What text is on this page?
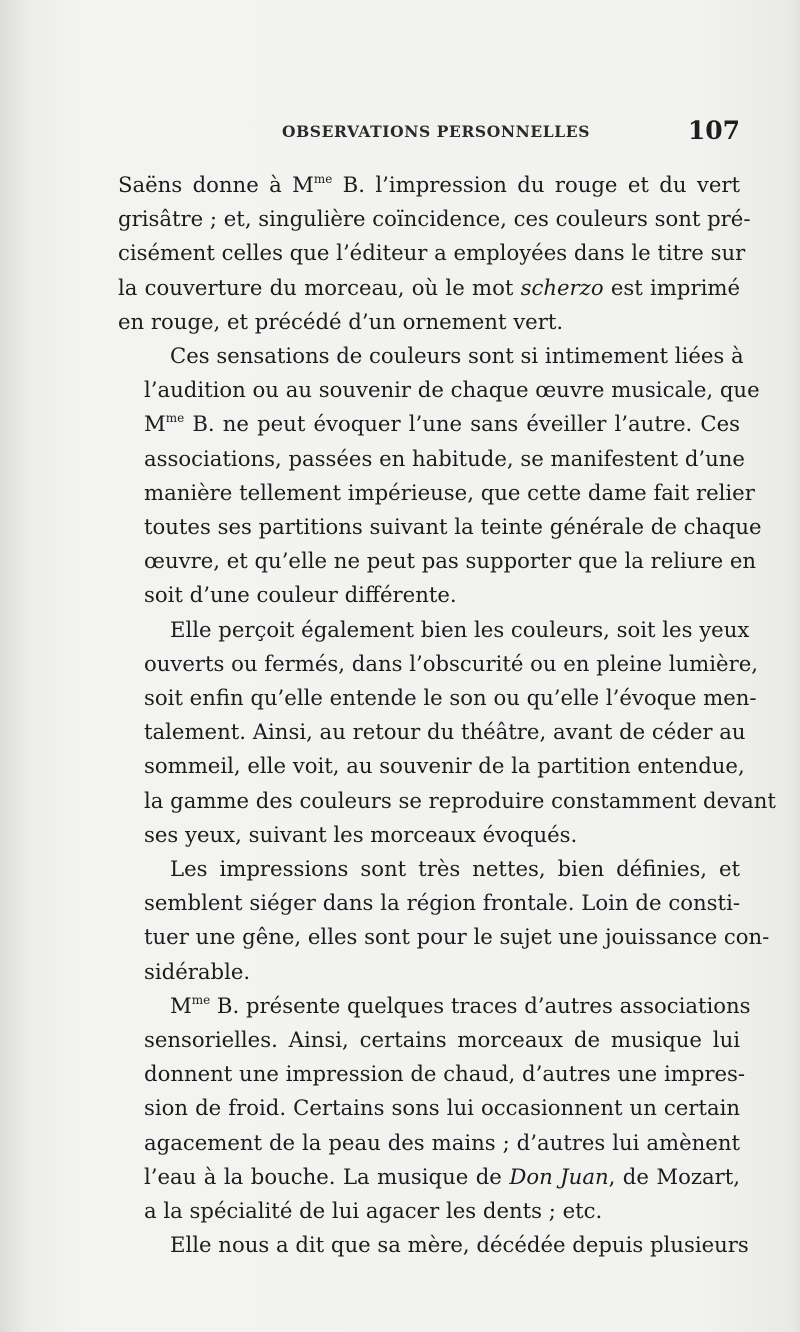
OBSERVATIONS PERSONNELLES	107
Saëns donne à $M^{me}$ B. l’impression du rouge et du vert
grisâtre ; et, singulière coïncidence, ces couleurs sont pré-
cisément celles que l’éditeur a employées dans le titre sur
la couverture du morceau, où le mot scherzo est imprimé
en rouge, et précédé d’un ornement vert.
Ces sensations de couleurs sont si intimement liées à
l’audition ou au souvenir de chaque œuvre musicale, que
$M^{me}$ B. ne peut évoquer l’une sans éveiller l’autre. Ces
associations, passées en habitude, se manifestent d’une
manière tellement impérieuse, que cette dame fait relier
toutes ses partitions suivant la teinte générale de chaque
œuvre, et qu’elle ne peut pas supporter que la reliure en
soit d’une couleur différente.
Elle perçoit également bien les couleurs, soit les yeux
ouverts ou fermés, dans l’obscurité ou en pleine lumière,
soit enfin qu’elle entende le son ou qu’elle l’évoque men-
talement. Ainsi, au retour du théâtre, avant de céder au
sommeil, elle voit, au souvenir de la partition entendue,
la gamme des couleurs se reproduire constamment devant
ses yeux, suivant les morceaux évoqués.
Les impressions sont très nettes, bien définies, et
semblent siéger dans la région frontale. Loin de consti-
tuer une gêne, elles sont pour le sujet une jouissance con-
sidérable.
$M^{me}$ B. présente quelques traces d’autres associations
sensorielles. Ainsi, certains morceaux de musique lui
donnent une impression de chaud, d’autres une impres-
sion de froid. Certains sons lui occasionnent un certain
agacement de la peau des mains ; d’autres lui amènent
l’eau à la bouche. La musique de Don Juan, de Mozart,
a la spécialité de lui agacer les dents ; etc.
Elle nous a dit que sa mère, décédée depuis plusieurs
